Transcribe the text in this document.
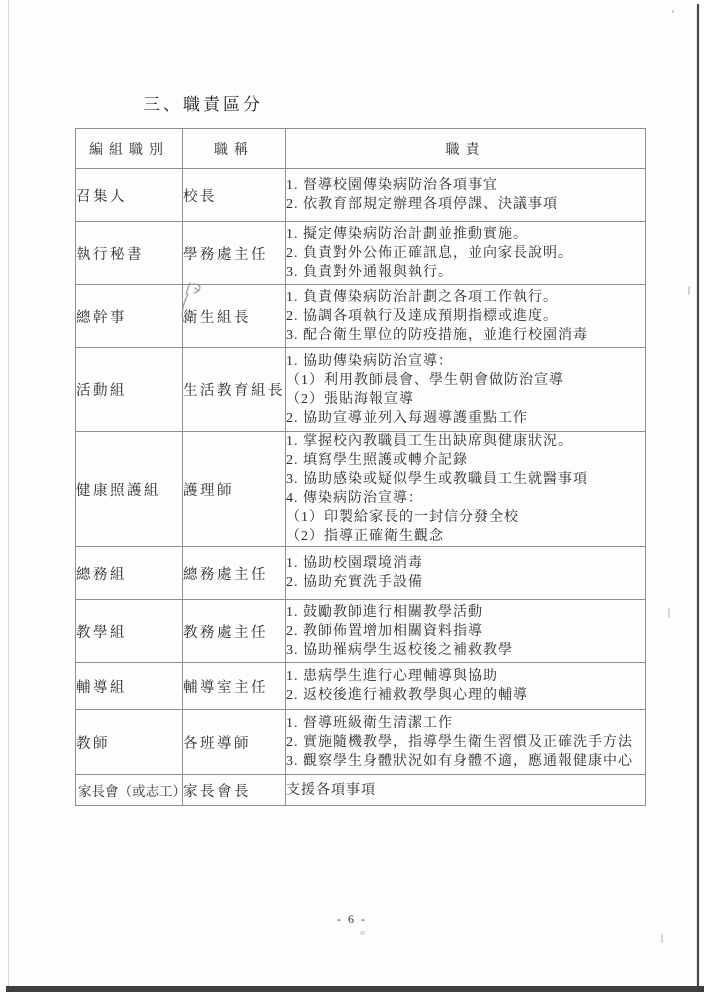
三、職責區分
編組職別	職稱	職責
召集人	校長	1. 督導校園傳染病防治各項事宜
2. 依教育部規定辦理各項停課、決議事項

執行秘書	學務處主任	1. 擬定傳染病防治計劃並推動實施。
2. 負責對外公佈正確訊息，並向家長說明。
3. 負責對外通報與執行。

總幹事	衛生組長	1. 負責傳染病防治計劃之各項工作執行。
2. 協調各項執行及達成預期指標或進度。
3. 配合衛生單位的防疫措施，並進行校園消毒

活動組	生活教育組長	1. 協助傳染病防治宣導：
（1）利用教師晨會、學生朝會做防治宣導
（2）張貼海報宣導
2. 協助宣導並列入每週導護重點工作

健康照護組	護理師	
1. 掌握校內教職員工生出缺席與健康狀況。
2. 填寫學生照護或轉介記錄
3. 協助感染或疑似學生或教職員工生就醫事項
4. 傳染病防治宣導：
（1）印製給家長的一封信分發全校
（2）指導正確衛生觀念

總務組	總務處主任	1. 協助校園環境消毒
2. 協助充實洗手設備

教學組	教務處主任	1. 鼓勵教師進行相關教學活動
2. 教師佈置增加相關資料指導
3. 協助罹病學生返校後之補救教學

輔導組	輔導室主任	1. 患病學生進行心理輔導與協助
2. 返校後進行補救教學與心理的輔導

教師	各班導師	1. 督導班級衛生清潔工作
2. 實施隨機教學，指導學生衛生習慣及正確洗手方法
3. 觀察學生身體狀況如有身體不適，應通報健康中心

家長會（或志工）	家長會長	支援各項事項
- 6 -
